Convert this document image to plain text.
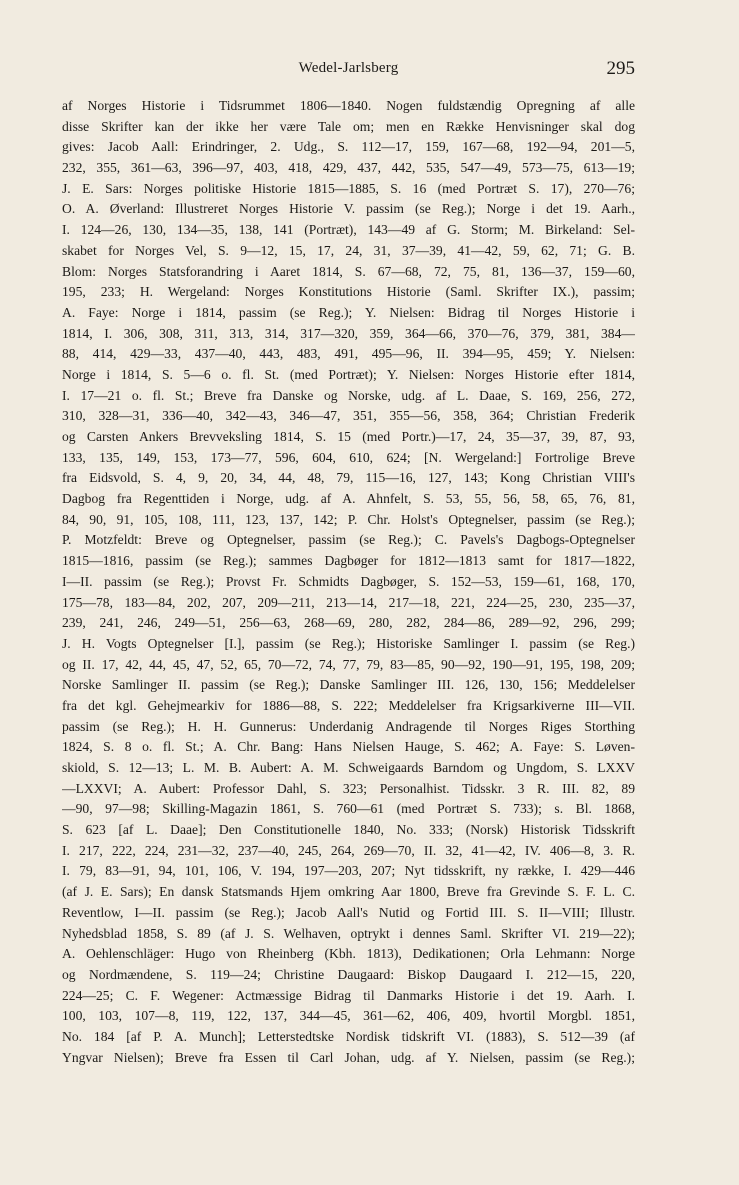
Wedel-Jarlsberg	295
af Norges Historie i Tidsrummet 1806—1840. Nogen fuldstændig Opregning af alle
disse Skrifter kan der ikke her være Tale om; men en Række Henvisninger skal dog
gives: Jacob Aall: Erindringer, 2. Udg., S. 112—17, 159, 167—68, 192—94, 201—5,
232, 355, 361—63, 396—97, 403, 418, 429, 437, 442, 535, 547—49, 573—75, 613—19;
J. E. Sars: Norges politiske Historie 1815—1885, S. 16 (med Portræt S. 17), 270—76;
O. A. Øverland: Illustreret Norges Historie V. passim (se Reg.); Norge i det 19. Aarh.,
I. 124—26, 130, 134—35, 138, 141 (Portræt), 143—49 af G. Storm; M. Birkeland: Sel-
skabet for Norges Vel, S. 9—12, 15, 17, 24, 31, 37—39, 41—42, 59, 62, 71; G. B.
Blom: Norges Statsforandring i Aaret 1814, S. 67—68, 72, 75, 81, 136—37, 159—60,
195, 233; H. Wergeland: Norges Konstitutions Historie (Saml. Skrifter IX.), passim;
A. Faye: Norge i 1814, passim (se Reg.); Y. Nielsen: Bidrag til Norges Historie i
1814, I. 306, 308, 311, 313, 314, 317—320, 359, 364—66, 370—76, 379, 381, 384—
88, 414, 429—33, 437—40, 443, 483, 491, 495—96, II. 394—95, 459; Y. Nielsen:
Norge i 1814, S. 5—6 o. fl. St. (med Portræt); Y. Nielsen: Norges Historie efter 1814,
I. 17—21 o. fl. St.; Breve fra Danske og Norske, udg. af L. Daae, S. 169, 256, 272,
310, 328—31, 336—40, 342—43, 346—47, 351, 355—56, 358, 364; Christian Frederik
og Carsten Ankers Brevveksling 1814, S. 15 (med Portr.)—17, 24, 35—37, 39, 87, 93,
133, 135, 149, 153, 173—77, 596, 604, 610, 624; [N. Wergeland:] Fortrolige Breve
fra Eidsvold, S. 4, 9, 20, 34, 44, 48, 79, 115—16, 127, 143; Kong Christian VIII's
Dagbog fra Regenttiden i Norge, udg. af A. Ahnfelt, S. 53, 55, 56, 58, 65, 76, 81,
84, 90, 91, 105, 108, 111, 123, 137, 142; P. Chr. Holst's Optegnelser, passim (se Reg.);
P. Motzfeldt: Breve og Optegnelser, passim (se Reg.); C. Pavels's Dagbogs-Optegnelser
1815—1816, passim (se Reg.); sammes Dagbøger for 1812—1813 samt for 1817—1822,
I—II. passim (se Reg.); Provst Fr. Schmidts Dagbøger, S. 152—53, 159—61, 168, 170,
175—78, 183—84, 202, 207, 209—211, 213—14, 217—18, 221, 224—25, 230, 235—37,
239, 241, 246, 249—51, 256—63, 268—69, 280, 282, 284—86, 289—92, 296, 299;
J. H. Vogts Optegnelser [I.], passim (se Reg.); Historiske Samlinger I. passim (se Reg.)
og II. 17, 42, 44, 45, 47, 52, 65, 70—72, 74, 77, 79, 83—85, 90—92, 190—91, 195, 198, 209;
Norske Samlinger II. passim (se Reg.); Danske Samlinger III. 126, 130, 156; Meddelelser
fra det kgl. Gehejmearkiv for 1886—88, S. 222; Meddelelser fra Krigsarkiverne III—VII.
passim (se Reg.); H. H. Gunnerus: Underdanig Andragende til Norges Riges Storthing
1824, S. 8 o. fl. St.; A. Chr. Bang: Hans Nielsen Hauge, S. 462; A. Faye: S. Løven-
skiold, S. 12—13; L. M. B. Aubert: A. M. Schweigaards Barndom og Ungdom, S. LXXV
—LXXVI; A. Aubert: Professor Dahl, S. 323; Personalhist. Tidsskr. 3 R. III. 82, 89
—90, 97—98; Skilling-Magazin 1861, S. 760—61 (med Portræt S. 733); s. Bl. 1868,
S. 623 [af L. Daae]; Den Constitutionelle 1840, No. 333; (Norsk) Historisk Tidsskrift
I. 217, 222, 224, 231—32, 237—40, 245, 264, 269—70, II. 32, 41—42, IV. 406—8, 3. R.
I. 79, 83—91, 94, 101, 106, V. 194, 197—203, 207; Nyt tidsskrift, ny række, I. 429—446
(af J. E. Sars); En dansk Statsmands Hjem omkring Aar 1800, Breve fra Grevinde S. F. L. C.
Reventlow, I—II. passim (se Reg.); Jacob Aall's Nutid og Fortid III. S. II—VIII; Illustr.
Nyhedsblad 1858, S. 89 (af J. S. Welhaven, optrykt i dennes Saml. Skrifter VI. 219—22);
A. Oehlenschläger: Hugo von Rheinberg (Kbh. 1813), Dedikationen; Orla Lehmann: Norge
og Nordmændene, S. 119—24; Christine Daugaard: Biskop Daugaard I. 212—15, 220,
224—25; C. F. Wegener: Actmæssige Bidrag til Danmarks Historie i det 19. Aarh. I.
100, 103, 107—8, 119, 122, 137, 344—45, 361—62, 406, 409, hvortil Morgbl. 1851,
No. 184 [af P. A. Munch]; Letterstedtske Nordisk tidskrift VI. (1883), S. 512—39 (af
Yngvar Nielsen); Breve fra Essen til Carl Johan, udg. af Y. Nielsen, passim (se Reg.);
